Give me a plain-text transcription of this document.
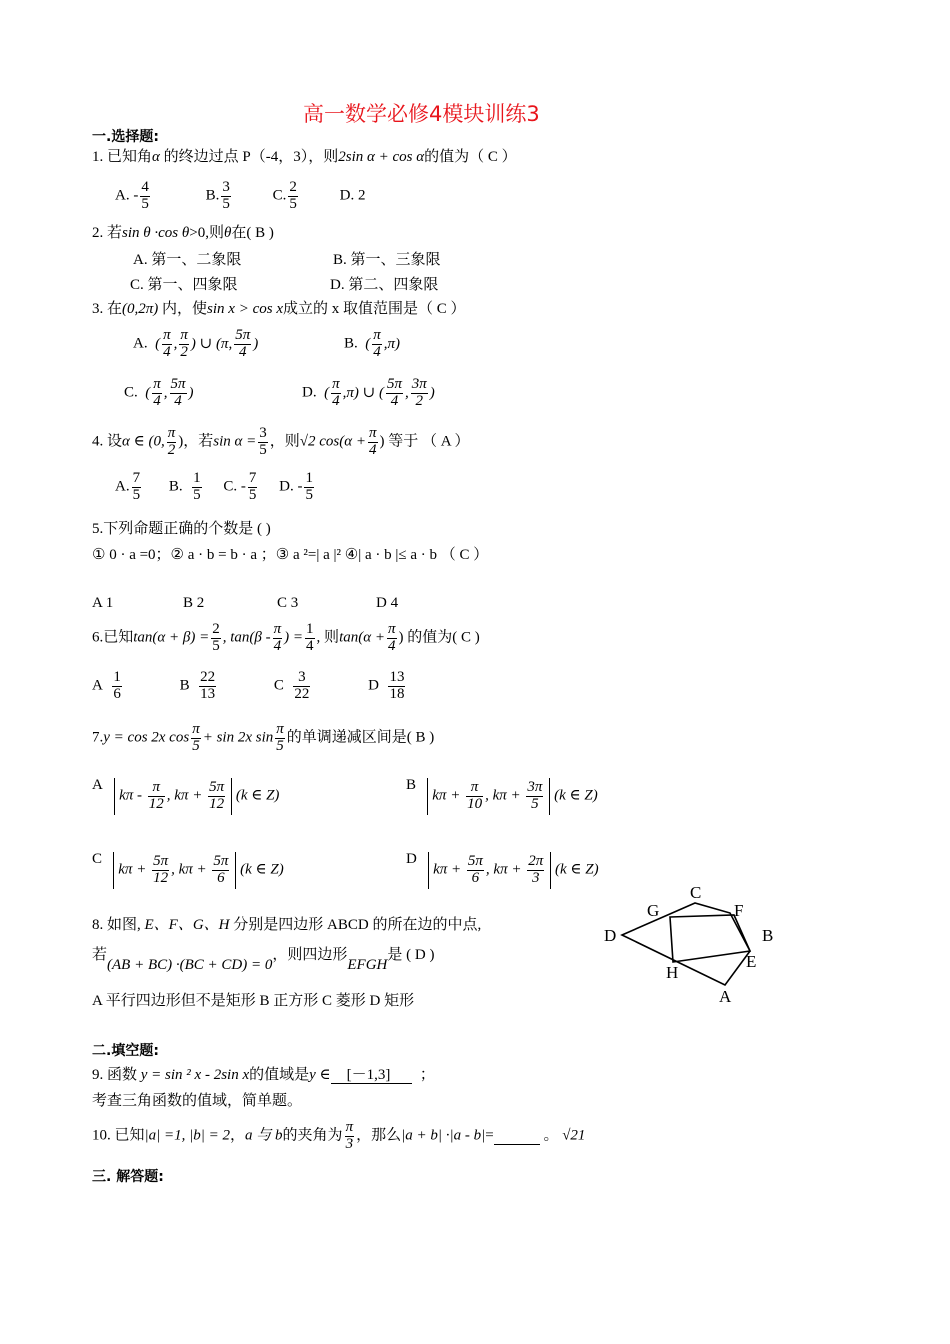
高一数学必修4模块训练3
一.选择题:
1. 已知角α 的终边过点 P（-4，3），则2sin α + cos α的值为（ C ）
A. - $\frac{4}{5}$	B. $\frac{3}{5}$	C. $\frac{2}{5}$	D. 2
2. 若sin θ ·cos θ>0,则θ在( B )
A. 第一、二象限	B. 第一、三象限
C. 第一、四象限	D. 第二、四象限
3. 在(0,2π) 内，使sin x > cos x成立的 x 取值范围是（ C ）
A. ( $\frac{\pi}{4}$ , $\frac{\pi}{2}$ ) ∪ (π, $\frac{5\pi}{4}$ )	B. ( $\frac{\pi}{4} ,\pi$)
C. ( $\frac{\pi}{4}$ , $\frac{5\pi}{4}$ )	D. ( $\frac{\pi}{4} ,\pi$) ∪ ( $\frac{5\pi}{4}$ , $\frac{3\pi}{2}$ )
4. 设α ∈ (0, $\frac{\pi}{2}$ )，若$\sin \alpha = \frac{3}{5}$ ，则√2 $\cos(\alpha + \frac{\pi}{4}$ ) 等于 （ A ）
A. $\frac{7}{5} B$. $\frac{1}{5} C$. - $\frac{7}{5} D$. - $\frac{1}{5}$
5.下列命题正确的个数是 ( )
① 0 · a =0；② a · b = b · a ；③ a ²=| a |² ④| a · b |≤ a · b （ C ）
A 1	B 2	C 3	D 4
6.已知$\tan(\alpha + \beta) = \frac{2}{5}$ , $\tan(\beta - \frac{\pi}{4}$ ) = $\frac{1}{4}$ , 则$\tan(\alpha + \frac{\pi}{4}$ ) 的值为( C )
A $\frac{1}{6}$	B $\frac{22}{13}$	C $\frac{3}{22}$	D $\frac{13}{18}$
7.y = cos 2x $\cos \frac{\pi}{5} + \sin 2x$ $\sin \frac{\pi}{5}$ 的单调递减区间是( B )
A   kπ - $\frac{\pi}{12}$ , $k\pi + \frac{5\pi}{12} (k$ ∈ Z)
B   $k\pi + \frac{\pi}{10}$ , $k\pi + \frac{3\pi}{5} (k$ ∈ Z)
C   $k\pi + \frac{5\pi}{12}$ , $k\pi + \frac{5\pi}{6} (k$ ∈ Z)
D   $k\pi + \frac{5\pi}{6}$ , $k\pi + \frac{2\pi}{3} (k$ ∈ Z)
8. 如图, E、F、G、H 分别是四边形 ABCD 的所在边的中点,
若(AB + BC) ·(BC + CD) = 0，则四边形EFGH是 ( D )
A 平行四边形但不是矩形 B 正方形 C 菱形 D 矩形
C
G	F
D	B
E
H
A
二.填空题:
9. 函数 y = sin ² x - 2sin x的值域是y ∈ [－1,3] ；
考查三角函数的值域，简单题。
10. 已知|a| =1, |b| = 2，a 与 b的夹角为 $\frac{\pi}{3}$ ，那么|a + b| ·|a - b|=	。 √21
三. 解答题:
